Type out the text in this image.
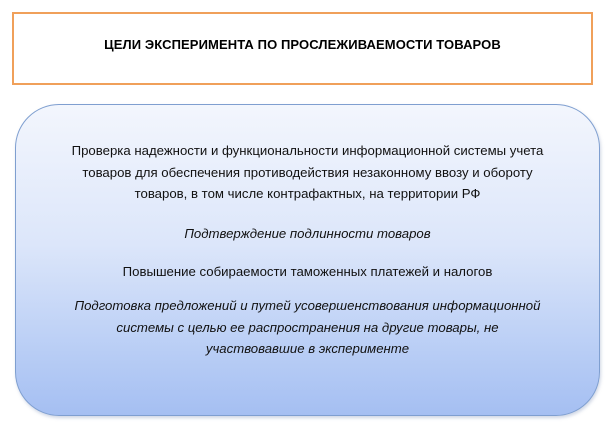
ЦЕЛИ ЭКСПЕРИМЕНТА ПО ПРОСЛЕЖИВАЕМОСТИ ТОВАРОВ
Проверка надежности и функциональности информационной системы учета
товаров для обеспечения противодействия незаконному ввозу и обороту
товаров, в том числе контрафактных, на территории РФ
Подтверждение подлинности товаров
Повышение собираемости таможенных платежей и налогов
Подготовка предложений и путей усовершенствования информационной
системы с целью ее распространения на другие товары, не
участвовавшие в эксперименте
